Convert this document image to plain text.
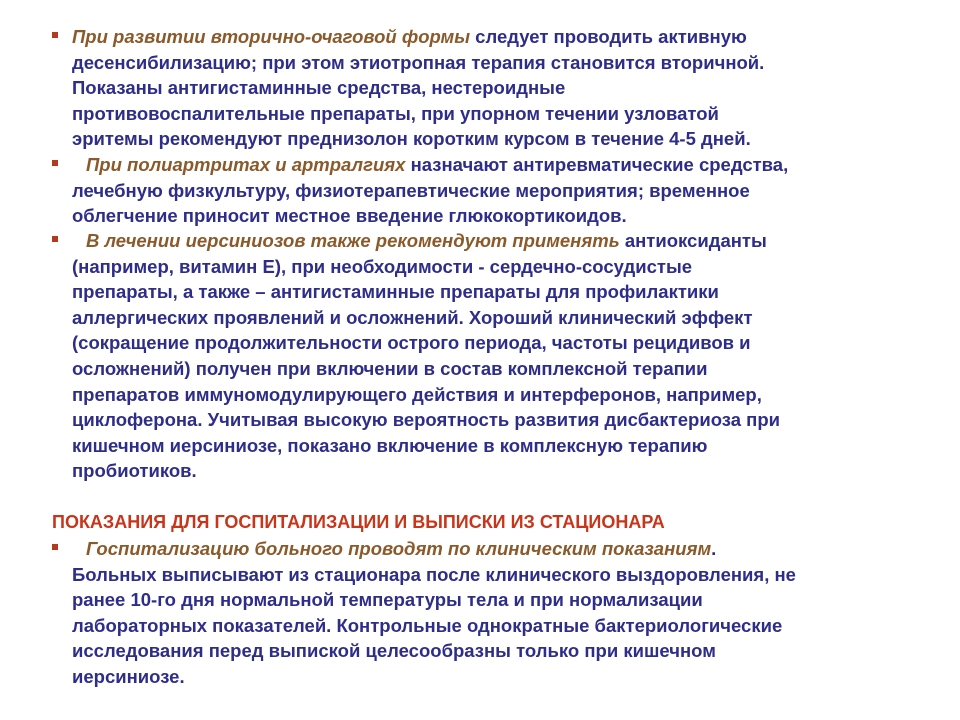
При развитии вторично-очаговой формы следует проводить активную
десенсибилизацию; при этом этиотропная терапия становится вторичной.
Показаны антигистаминные средства, нестероидные
противовоспалительные препараты, при упорном течении узловатой
эритемы рекомендуют преднизолон коротким курсом в течение 4-5 дней.
При полиартритах и артралгиях назначают антиревматические средства,
лечебную физкультуру, физиотерапевтические мероприятия; временное
облегчение приносит местное введение глюкокортикоидов.
В лечении иерсиниозов также рекомендуют применять антиоксиданты
(например, витамин Е), при необходимости - сердечно-сосудистые
препараты, а также – антигистаминные препараты для профилактики
аллергических проявлений и осложнений. Хороший клинический эффект
(сокращение продолжительности острого периода, частоты рецидивов и
осложнений) получен при включении в состав комплексной терапии
препаратов иммуномодулирующего действия и интерферонов, например,
циклоферона. Учитывая высокую вероятность развития дисбактериоза при
кишечном иерсиниозе, показано включение в комплексную терапию
пробиотиков.
ПОКАЗАНИЯ ДЛЯ ГОСПИТАЛИЗАЦИИ И ВЫПИСКИ ИЗ СТАЦИОНАРА
Госпитализацию больного проводят по клиническим показаниям.
Больных выписывают из стационара после клинического выздоровления, не
ранее 10-го дня нормальной температуры тела и при нормализации
лабораторных показателей. Контрольные однократные бактериологические
исследования перед выпиской целесообразны только при кишечном
иерсиниозе.
